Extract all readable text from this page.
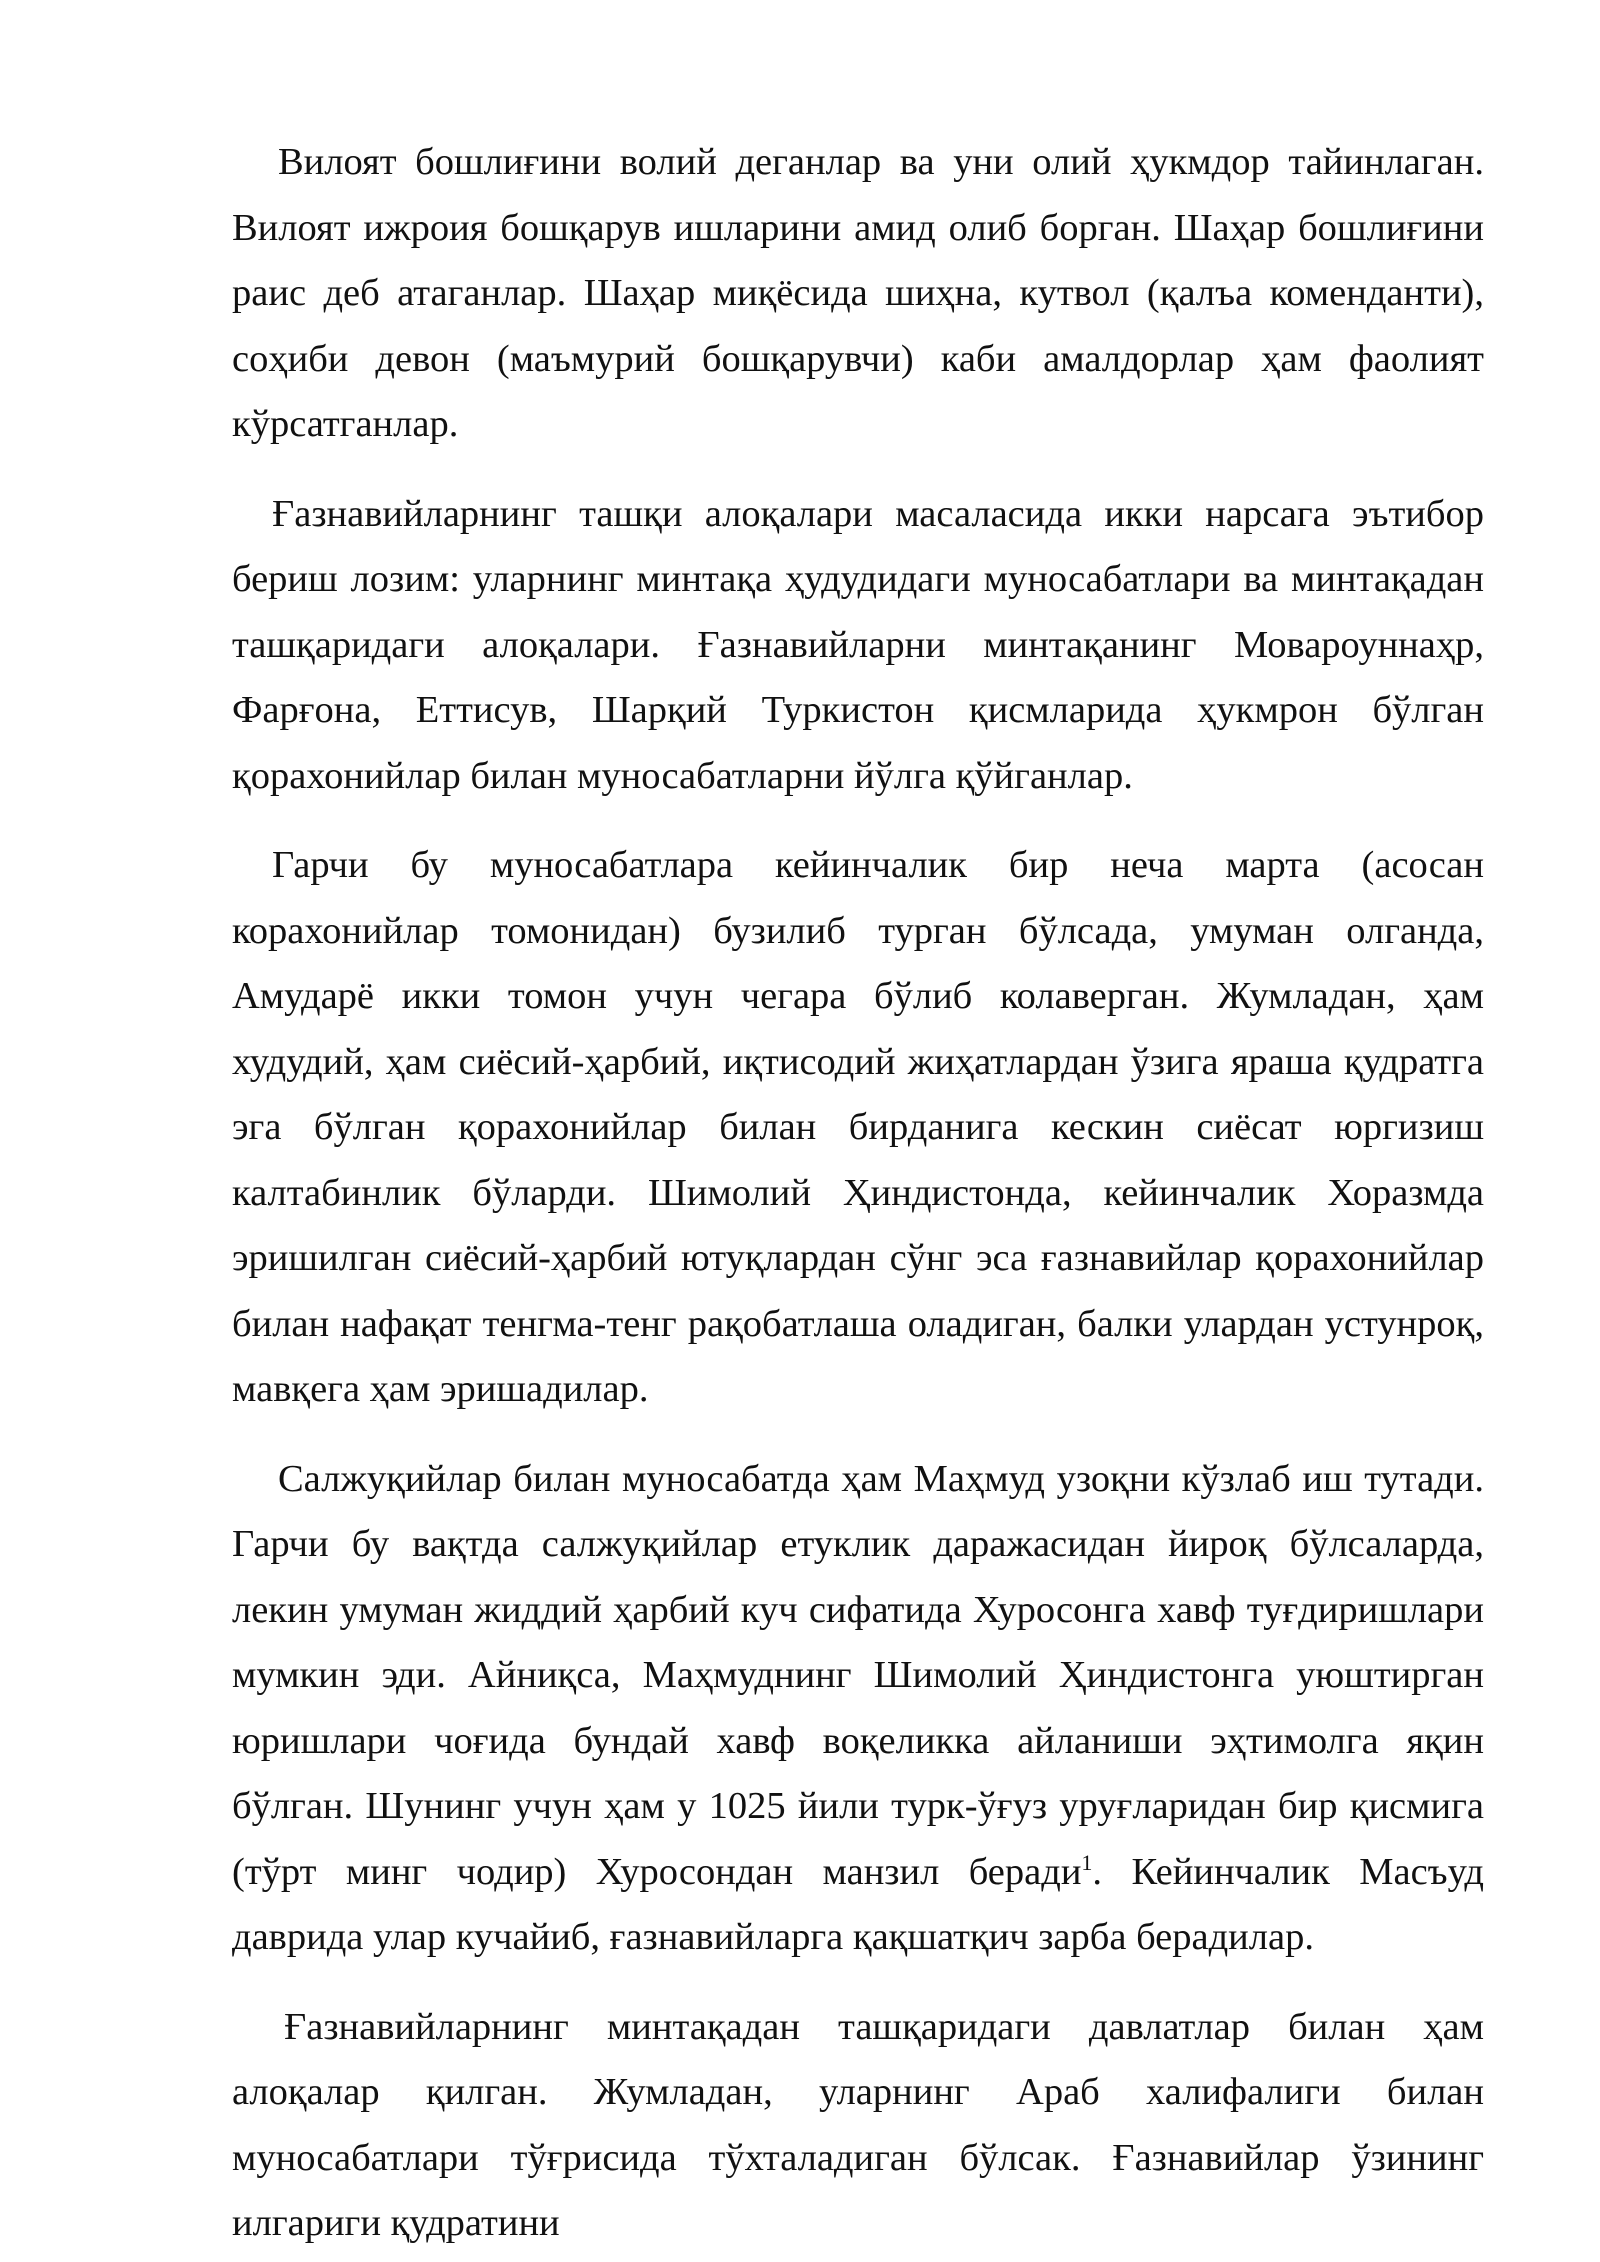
Вилоят бошлиғини волий деганлар ва уни олий ҳукмдор тайинлаган. Вилоят ижроия бошқарув ишларини амид олиб борган. Шаҳар бошлиғини раис деб атаганлар. Шаҳар миқёсида шиҳна, кутвол (қалъа коменданти), соҳиби девон (маъмурий бошқарувчи) каби амалдорлар ҳам фаолият кўрсатганлар.

Ғазнавийларнинг ташқи алоқалари масаласида икки нарсага эътибор бериш лозим: уларнинг минтақа ҳудудидаги муносабатлари ва минтақадан ташқаридаги алоқалари. Ғазнавийларни минтақанинг Мовароуннаҳр, Фарғона, Еттисув, Шарқий Туркистон қисмларида ҳукмрон бўлган қорахонийлар билан муносабатларни йўлга қўйганлар.

Гарчи бу муносабатлара кейинчалик бир неча марта (асосан корахонийлар томонидан) бузилиб турган бўлсада, умуман олганда, Амударё икки томон учун чегара бўлиб колаверган. Жумладан, ҳам худудий, ҳам сиёсий-ҳарбий, иқтисодий жиҳатлардан ўзига яраша қудратга эга бўлган қорахонийлар билан бирданига кескин сиёсат юргизиш калтабинлик бўларди. Шимолий Ҳиндистонда, кейинчалик Хоразмда эришилган сиёсий-ҳарбий ютуқлардан сўнг эса ғазнавийлар қорахонийлар билан нафақат тенгма-тенг рақобатлаша оладиган, балки улардан устунроқ, мавқега ҳам эришадилар.

Салжуқийлар билан муносабатда ҳам Маҳмуд узоқни кўзлаб иш тутади. Гарчи бу вақтда салжуқийлар етуклик даражасидан йироқ бўлсаларда, лекин умуман жиддий ҳарбий куч сифатида Хуросонга хавф туғдиришлари мумкин эди. Айниқса, Маҳмуднинг Шимолий Ҳиндистонга уюштирган юришлари чоғида бундай хавф воқеликка айланиши эҳтимолга яқин бўлган. Шунинг учун ҳам у 1025 йили турк-ўғуз уруғларидан бир қисмига (тўрт минг чодир) Хуросондан манзил беради$^1$. Кейинчалик Масъуд даврида улар кучайиб, ғазнавийларга қақшатқич зарба берадилар.

Ғазнавийларнинг минтақадан ташқаридаги давлатлар билан ҳам алоқалар қилган. Жумладан, уларнинг Араб халифалиги билан муносабатлари тўғрисида тўхталадиган бўлсак. Ғазнавийлар ўзининг илгариги қудратини
